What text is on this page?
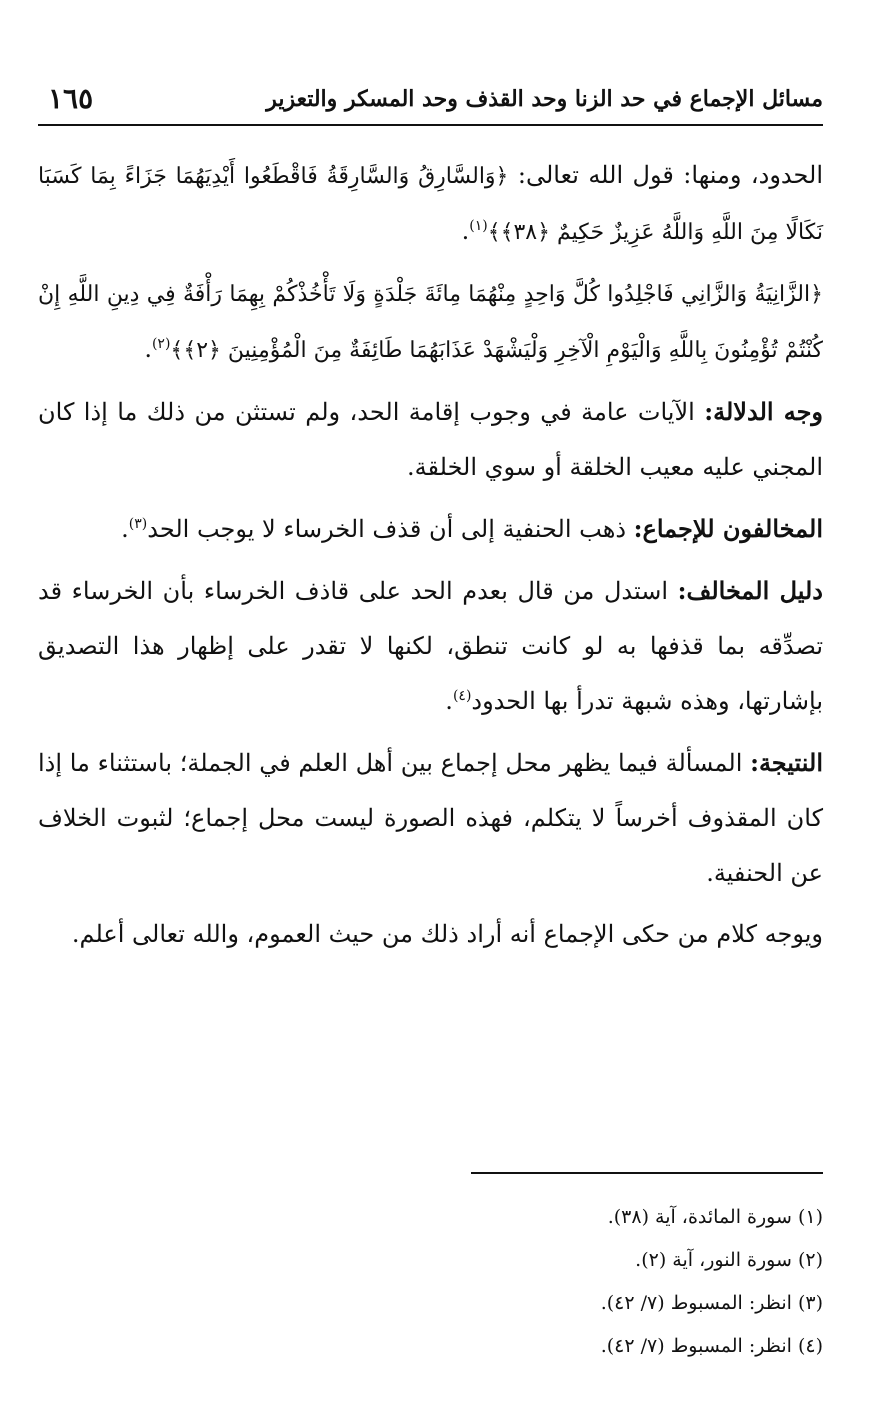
مسائل الإجماع في حد الزنا وحد القذف وحد المسكر والتعزير
١٦٥

الحدود، ومنها: قول الله تعالى: ﴿وَالسَّارِقُ وَالسَّارِقَةُ فَاقْطَعُوا أَيْدِيَهُمَا جَزَاءً بِمَا كَسَبَا نَكَالًا مِنَ اللَّهِ وَاللَّهُ عَزِيزٌ حَكِيمٌ ﴿٣٨﴾﴾$^{(١)}$.

﴿الزَّانِيَةُ وَالزَّانِي فَاجْلِدُوا كُلَّ وَاحِدٍ مِنْهُمَا مِائَةَ جَلْدَةٍ وَلَا تَأْخُذْكُمْ بِهِمَا رَأْفَةٌ فِي دِينِ اللَّهِ إِنْ كُنْتُمْ تُؤْمِنُونَ بِاللَّهِ وَالْيَوْمِ الْآخِرِ وَلْيَشْهَدْ عَذَابَهُمَا طَائِفَةٌ مِنَ الْمُؤْمِنِينَ ﴿٢﴾﴾$^{(٢)}$.

وجه الدلالة: الآيات عامة في وجوب إقامة الحد، ولم تستثن من ذلك ما إذا كان المجني عليه معيب الخلقة أو سوي الخلقة.

المخالفون للإجماع: ذهب الحنفية إلى أن قذف الخرساء لا يوجب الحد$^{(٣)}$.

دليل المخالف: استدل من قال بعدم الحد على قاذف الخرساء بأن الخرساء قد تصدِّقه بما قذفها به لو كانت تنطق، لكنها لا تقدر على إظهار هذا التصديق بإشارتها، وهذه شبهة تدرأ بها الحدود$^{(٤)}$.

النتيجة: المسألة فيما يظهر محل إجماع بين أهل العلم في الجملة؛ باستثناء ما إذا كان المقذوف أخرساً لا يتكلم، فهذه الصورة ليست محل إجماع؛ لثبوت الخلاف عن الحنفية.

ويوجه كلام من حكى الإجماع أنه أراد ذلك من حيث العموم، والله تعالى أعلم.

(١) سورة المائدة، آية (٣٨).
(٢) سورة النور، آية (٢).
(٣) انظر: المسبوط (٧/ ٤٢).
(٤) انظر: المسبوط (٧/ ٤٢).
